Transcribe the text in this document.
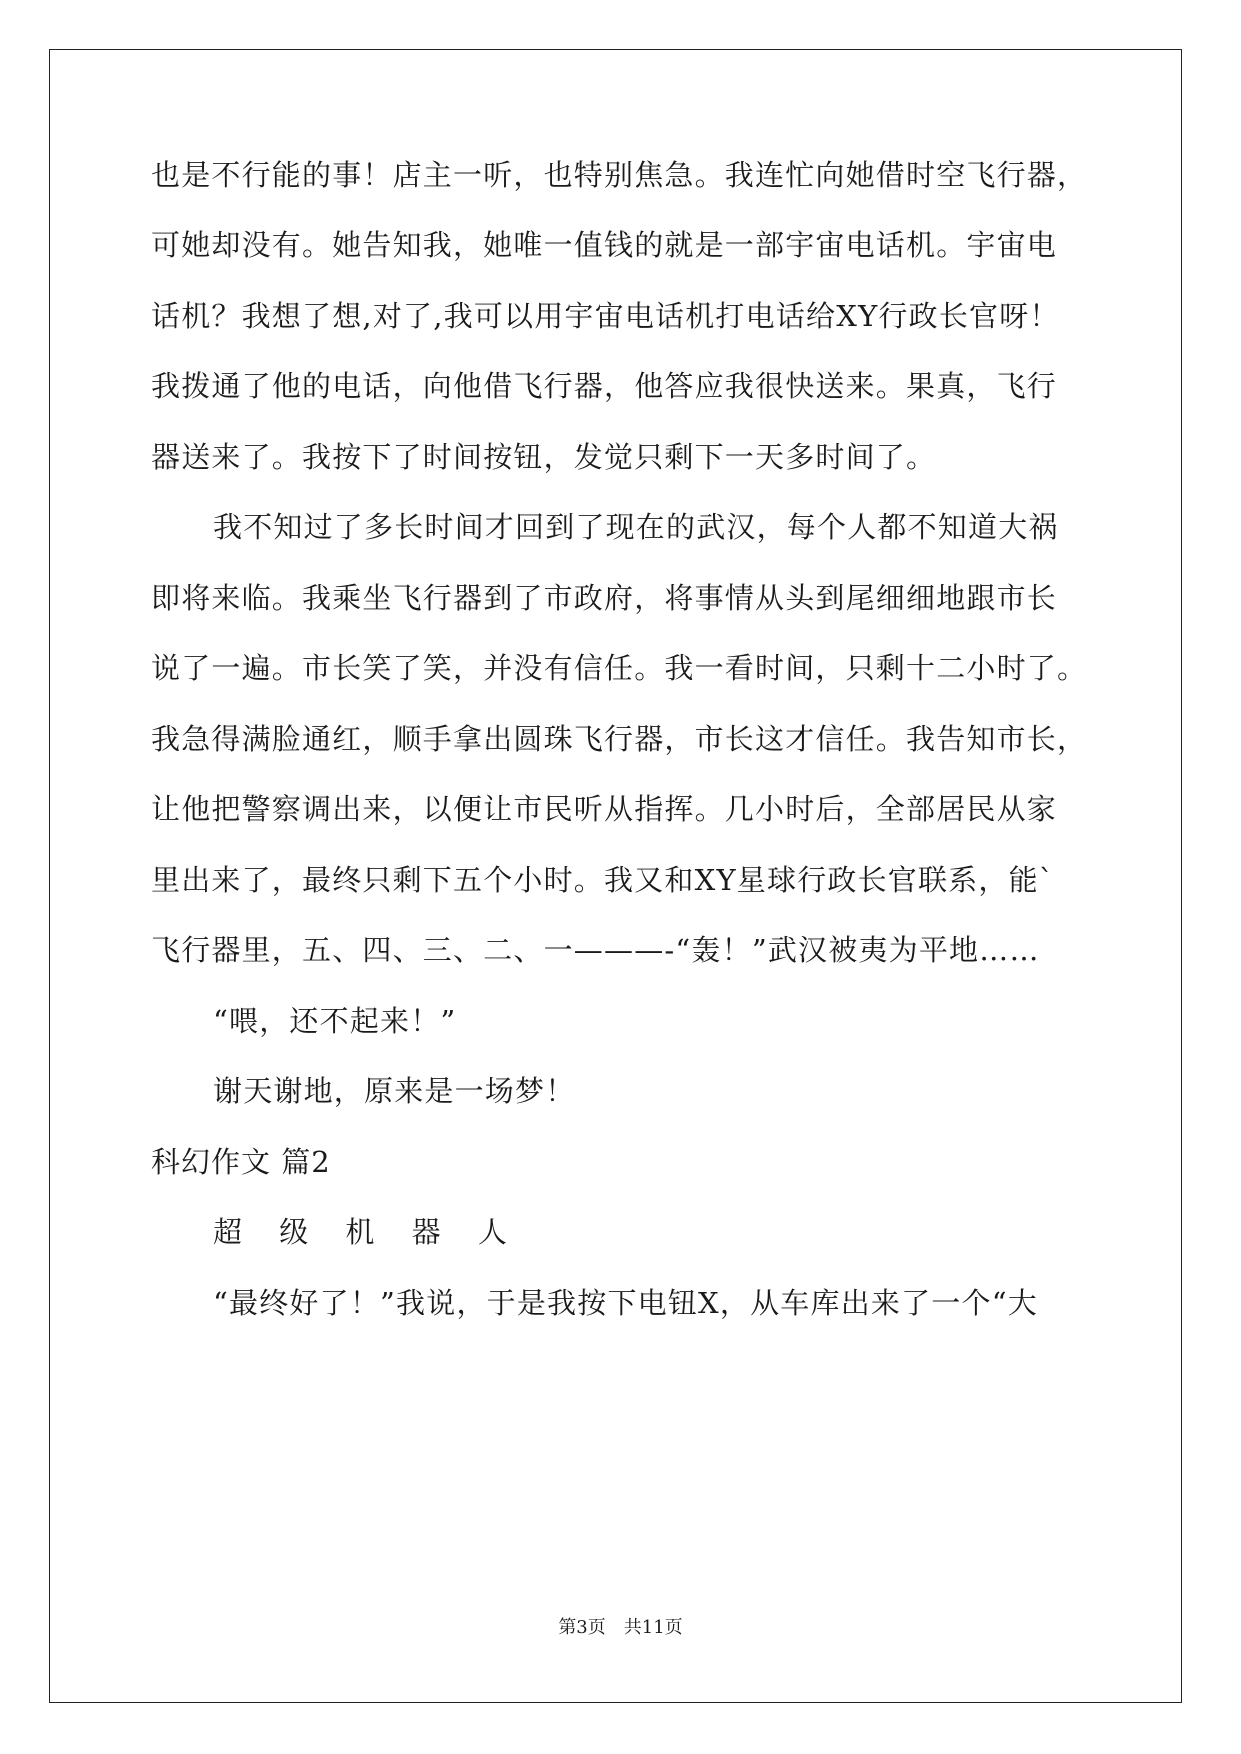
也是不行能的事！店主一听，也特别焦急。我连忙向她借时空飞行器，
可她却没有。她告知我，她唯一值钱的就是一部宇宙电话机。宇宙电
话机？我想了想,对了,我可以用宇宙电话机打电话给XY行政长官呀！
我拨通了他的电话，向他借飞行器，他答应我很快送来。果真，飞行
器送来了。我按下了时间按钮，发觉只剩下一天多时间了。
我不知过了多长时间才回到了现在的武汉，每个人都不知道大祸
即将来临。我乘坐飞行器到了市政府，将事情从头到尾细细地跟市长
说了一遍。市长笑了笑，并没有信任。我一看时间，只剩十二小时了。
我急得满脸通红，顺手拿出圆珠飞行器，市长这才信任。我告知市长，
让他把警察调出来，以便让市民听从指挥。几小时后，全部居民从家
里出来了，最终只剩下五个小时。我又和XY星球行政长官联系，能`
飞行器里，五、四、三、二、一———-“轰！”武汉被夷为平地……
“喂，还不起来！”
谢天谢地，原来是一场梦！
科幻作文 篇2
超 级 机 器 人
“最终好了！”我说，于是我按下电钮X，从车库出来了一个“大
第3页　共11页
